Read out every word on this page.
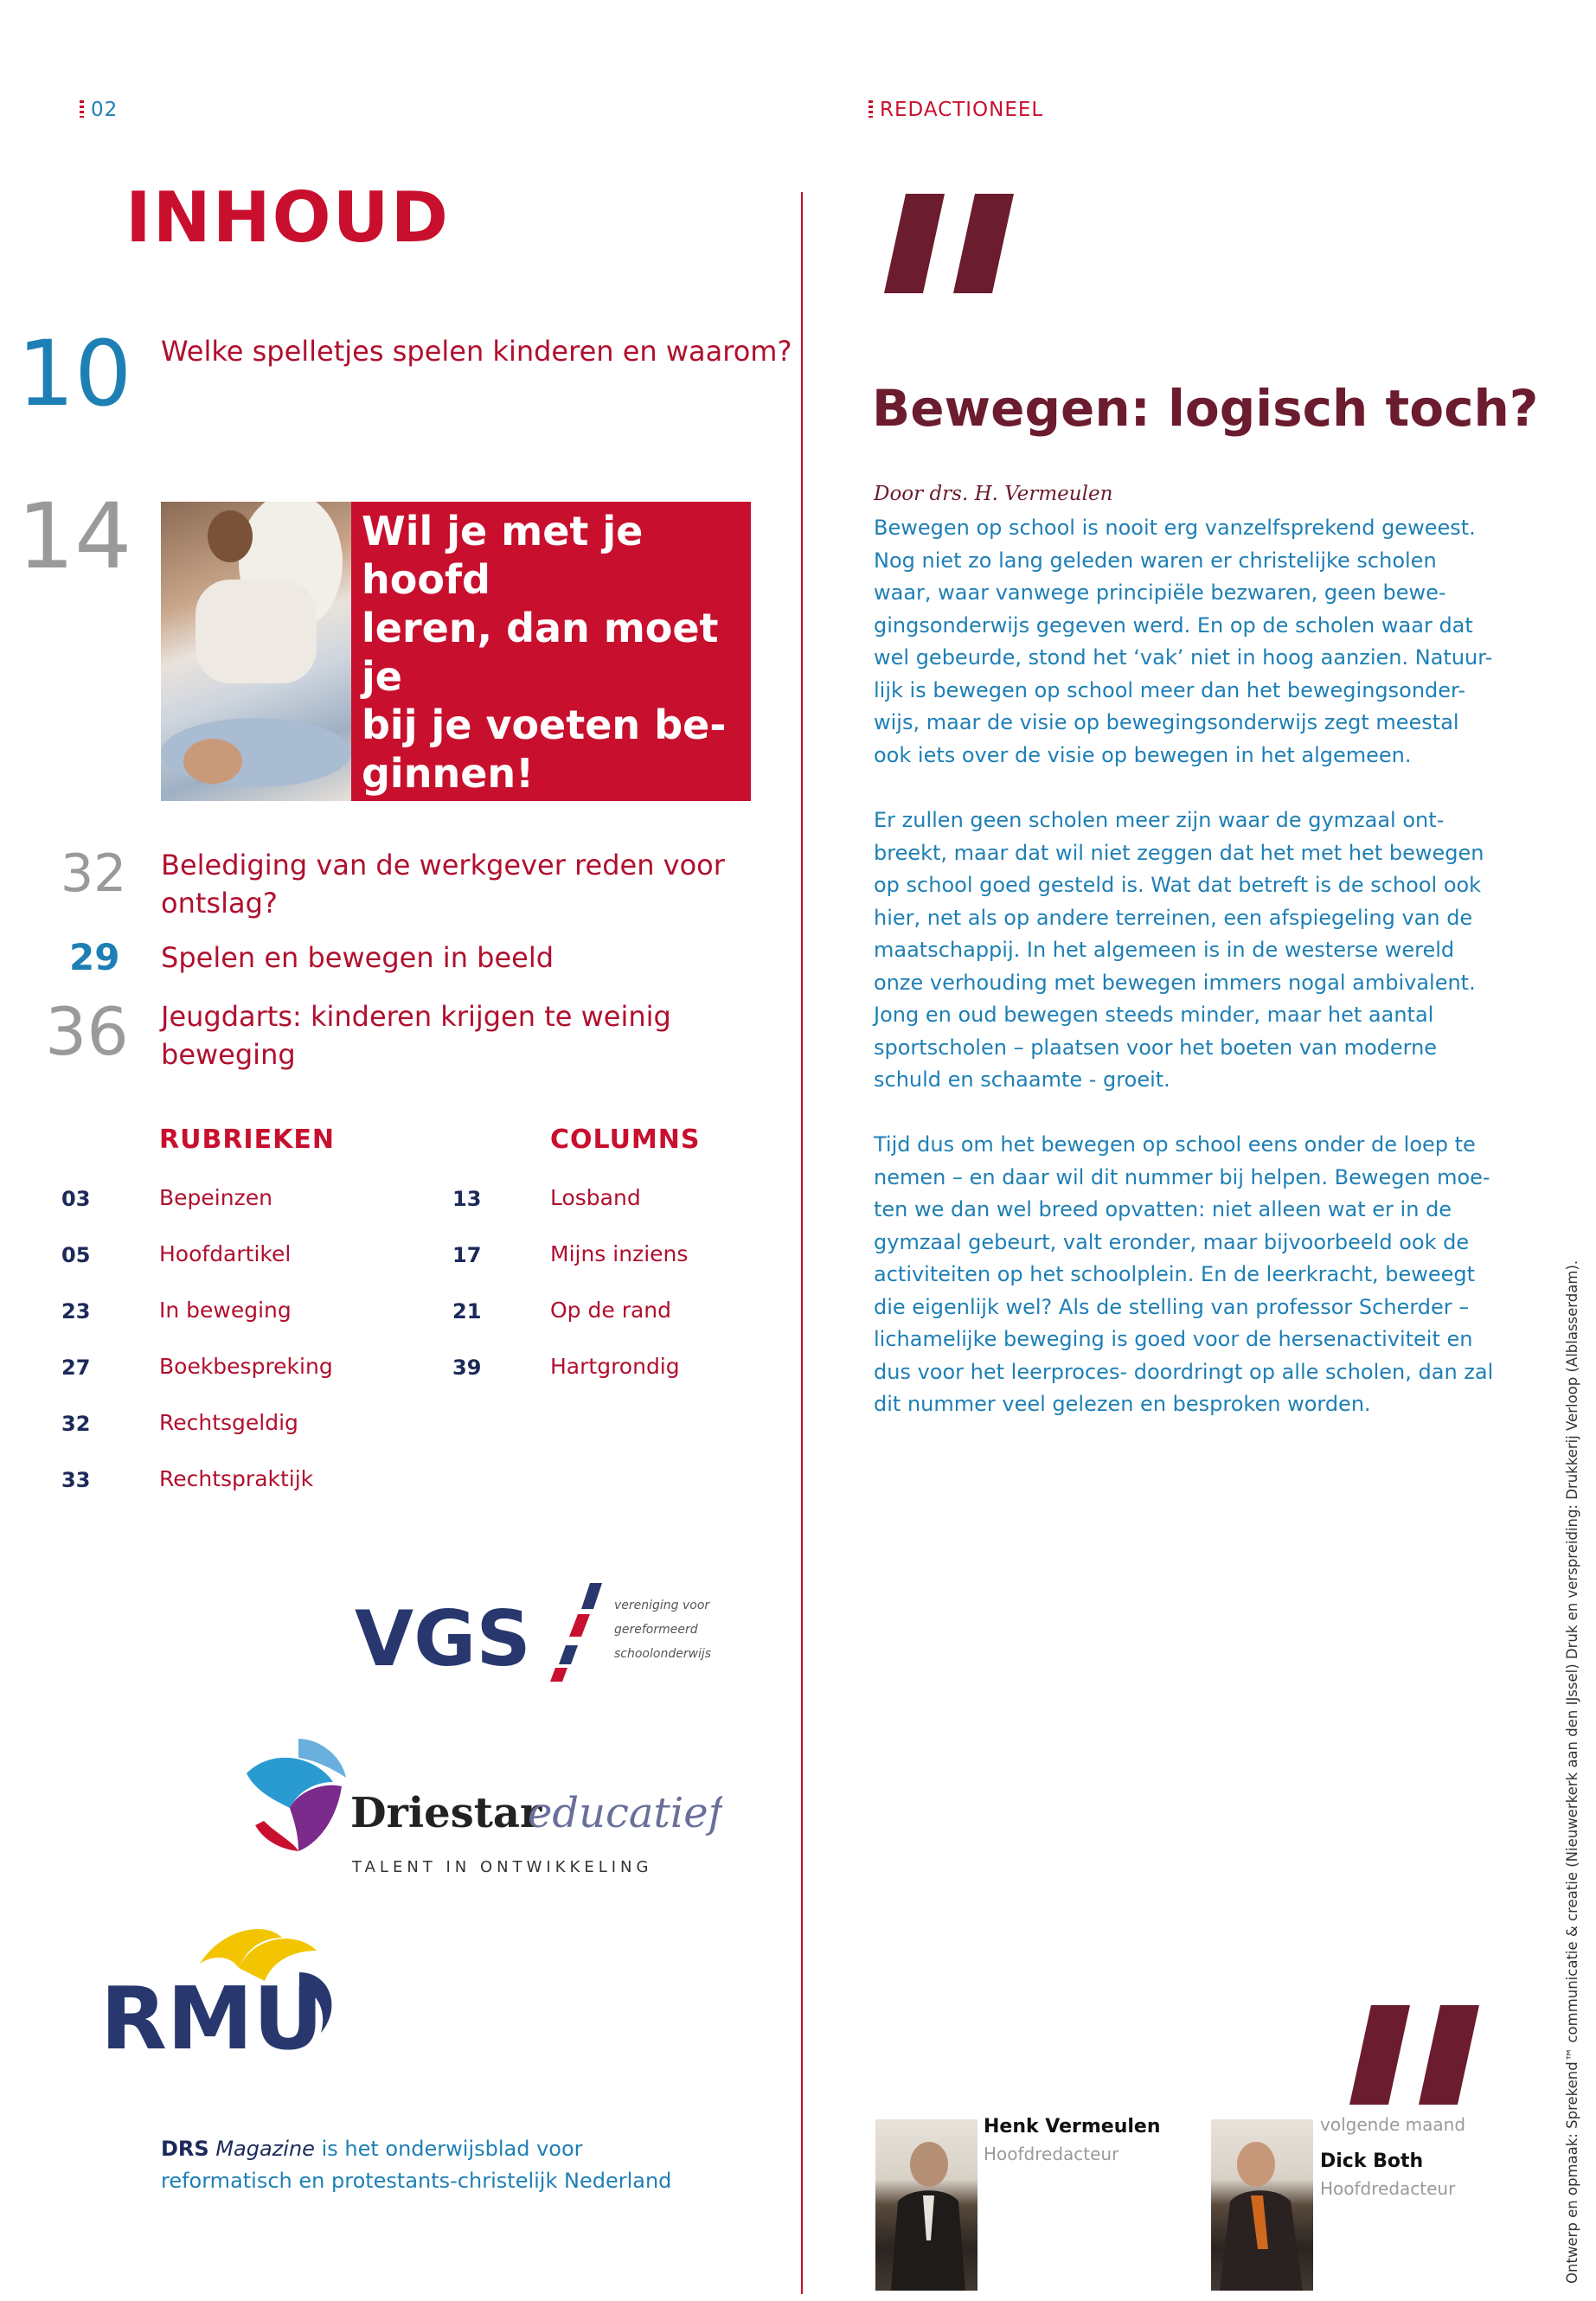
02	REDACTIONEEL
INHOUD
10 Welke spelletjes spelen kinderen en waarom?
14	Wil je met je hoofd
leren, dan moet je
bij je voeten be-
ginnen!
32 Belediging van de werkgever reden voor
ontslag?
29 Spelen en bewegen in beeld
36 Jeugdarts: kinderen krijgen te weinig
beweging
RUBRIEKEN	COLUMNS
03	Bepeinzen
05	Hoofdartikel
23	In beweging
27	Boekbespreking
32	Rechtsgeldig
33	Rechtspraktijk
13	Losband
17	Mijns inziens
21	Op de rand
39	Hartgrondig
VGS	vereniging voor
gereformeerd
schoolonderwijs
Driestar
educatief
TALENT IN ONTWIKKELING
RMU
DRS Magazine is het onderwijsblad voor
reformatisch en protestants-christelijk Nederland
Bewegen: logisch toch?
Door drs. H. Vermeulen
Bewegen op school is nooit erg vanzelfsprekend geweest.
Nog niet zo lang geleden waren er christelijke scholen
waar, waar vanwege principiële bezwaren, geen bewe-
gingsonderwijs gegeven werd. En op de scholen waar dat
wel gebeurde, stond het ‘vak’ niet in hoog aanzien. Natuur-
lijk is bewegen op school meer dan het bewegingsonder-
wijs, maar de visie op bewegingsonderwijs zegt meestal
ook iets over de visie op bewegen in het algemeen.
Er zullen geen scholen meer zijn waar de gymzaal ont-
breekt, maar dat wil niet zeggen dat het met het bewegen
op school goed gesteld is. Wat dat betreft is de school ook
hier, net als op andere terreinen, een afspiegeling van de
maatschappij. In het algemeen is in de westerse wereld
onze verhouding met bewegen immers nogal ambivalent.
Jong en oud bewegen steeds minder, maar het aantal
sportscholen – plaatsen voor het boeten van moderne
schuld en schaamte - groeit.
Tijd dus om het bewegen op school eens onder de loep te
nemen – en daar wil dit nummer bij helpen. Bewegen moe-
ten we dan wel breed opvatten: niet alleen wat er in de
gymzaal gebeurt, valt eronder, maar bijvoorbeeld ook de
activiteiten op het schoolplein. En de leerkracht, beweegt
die eigenlijk wel? Als de stelling van professor Scherder –
lichamelijke beweging is goed voor de hersenactiviteit en
dus voor het leerproces- doordringt op alle scholen, dan zal
dit nummer veel gelezen en besproken worden.
Henk Vermeulen
Hoofdredacteur
volgende maand
Dick Both
Hoofdredacteur	Ontwerp en opmaak: Sprekend™ communicatie & creatie (Nieuwerkerk aan den IJssel) Druk en verspreiding: Drukkerij Verloop (Alblasserdam).
